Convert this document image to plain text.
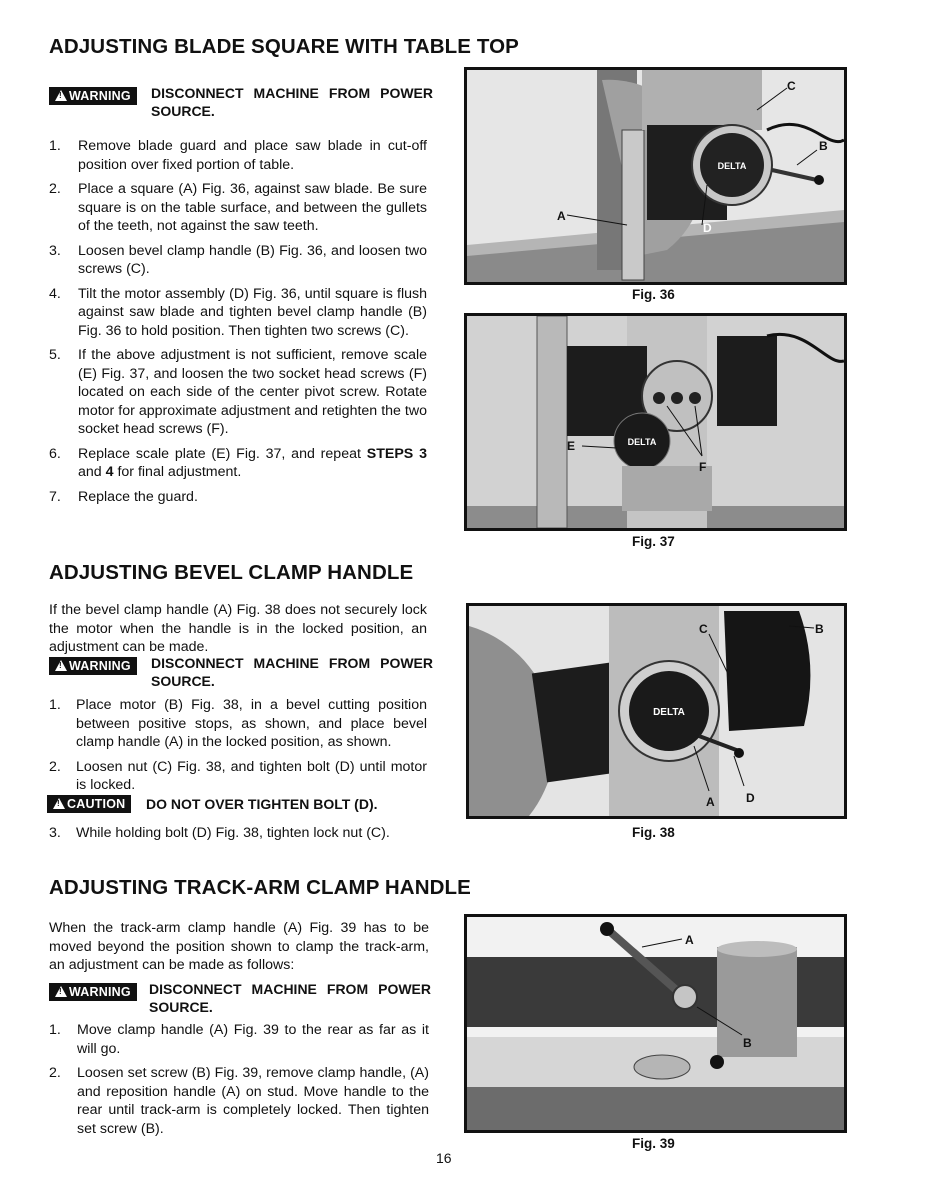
ADJUSTING BLADE SQUARE WITH TABLE TOP
!WARNING	DISCONNECT MACHINE FROM POWER SOURCE.
1. Remove blade guard and place saw blade in cut-off position over fixed portion of table.
2. Place a square (A) Fig. 36, against saw blade. Be sure square is on the table surface, and between the gullets of the teeth, not against the saw teeth.
3. Loosen bevel clamp handle (B) Fig. 36, and loosen two screws (C).
4. Tilt the motor assembly (D) Fig. 36, until square is flush against saw blade and tighten bevel clamp handle (B) Fig. 36 to hold position. Then tighten two screws (C).
5. If the above adjustment is not sufficient, remove scale (E) Fig. 37, and loosen the two socket head screws (F) located on each side of the center pivot screw. Rotate motor for approximate adjustment and retighten the two socket head screws (F).
6. Replace scale plate (E) Fig. 37, and repeat STEPS 3 and 4 for final adjustment.
7. Replace the guard.
ADJUSTING BEVEL CLAMP HANDLE
If the bevel clamp handle (A) Fig. 38 does not securely lock the motor when the handle is in the locked position, an adjustment can be made.
!WARNING	DISCONNECT MACHINE FROM POWER SOURCE.
1. Place motor (B) Fig. 38, in a bevel cutting position between positive stops, as shown, and place bevel clamp handle (A) in the locked position, as shown.
2. Loosen nut (C) Fig. 38, and tighten bolt (D) until motor is locked.
!CAUTION	DO NOT OVER TIGHTEN BOLT (D).
3. While holding bolt (D) Fig. 38, tighten lock nut (C).
ADJUSTING TRACK-ARM CLAMP HANDLE
When the track-arm clamp handle (A) Fig. 39 has to be moved beyond the position shown to clamp the track-arm, an adjustment can be made as follows:
!WARNING	DISCONNECT MACHINE FROM POWER SOURCE.
1. Move clamp handle (A) Fig. 39 to the rear as far as it will go.
2. Loosen set screw (B) Fig. 39, remove clamp handle, (A) and reposition handle (A) on stud. Move handle to the rear until track-arm is completely locked. Then tighten set screw (B).
DELTA
A
B
C
D
Fig. 36
DELTA
E
F
Fig. 37
DELTA
B
C
A	D
Fig. 38
A
B
Fig. 39
16
